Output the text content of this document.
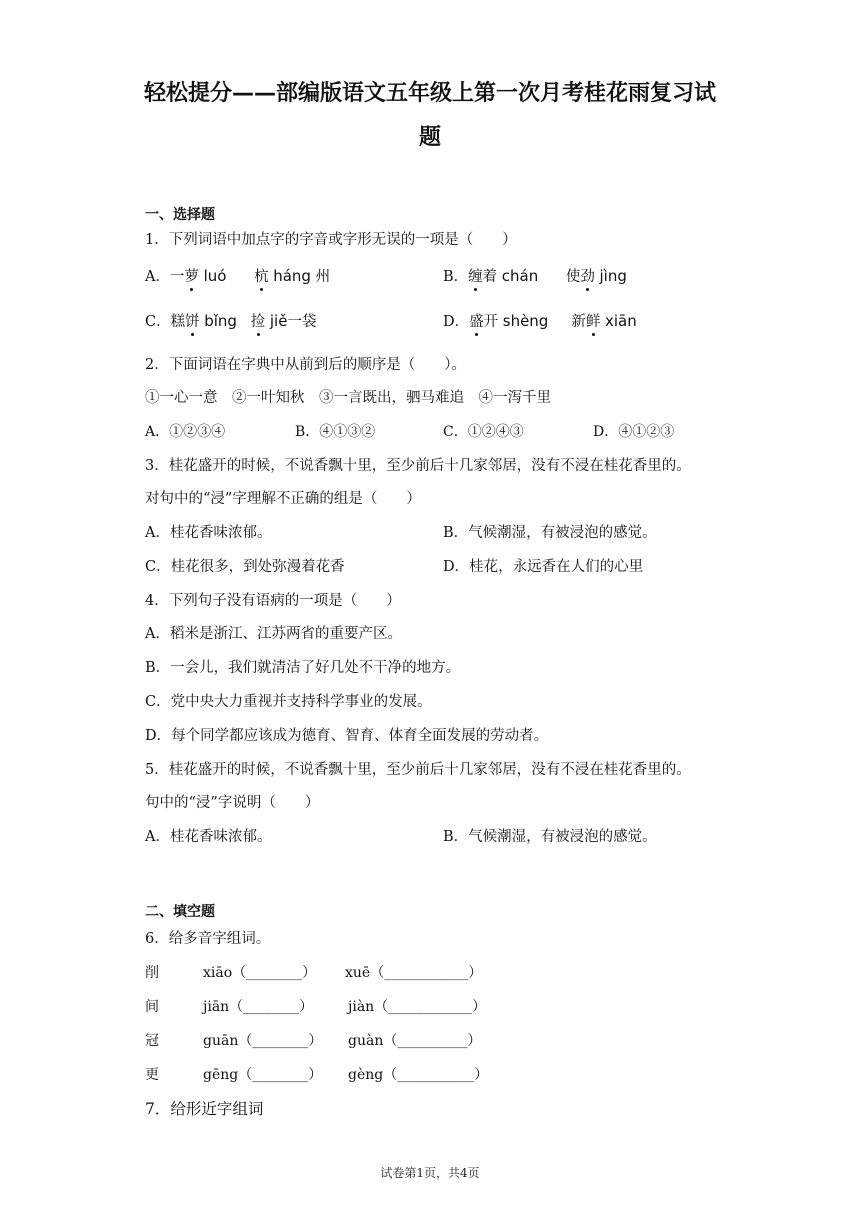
轻松提分——部编版语文五年级上第一次月考桂花雨复习试
题
一、选择题
1．下列词语中加点字的字音或字形无误的一项是（　　）
A．一萝 luó 杭 háng 州	B．缠着 chán 使劲 jìng
C．糕饼 bǐng 捡 jiě一袋	D．盛开 shèng 新鲜 xiān
2．下面词语在字典中从前到后的顺序是（　　）。
①一心一意　②一叶知秋　③一言既出，驷马难追　④一泻千里
A．①②③④	B．④①③②	C．①②④③	D．④①②③
3．桂花盛开的时候，不说香飘十里，至少前后十几家邻居，没有不浸在桂花香里的。
对句中的“浸”字理解不正确的组是（　　）
A．桂花香味浓郁。	B．气候潮湿，有被浸泡的感觉。
C．桂花很多，到处弥漫着花香	D．桂花，永远香在人们的心里
4．下列句子没有语病的一项是（　　）
A．稻米是浙江、江苏两省的重要产区。
B．一会儿，我们就清洁了好几处不干净的地方。
C．党中央大力重视并支持科学事业的发展。
D．每个同学都应该成为德育、智育、体育全面发展的劳动者。
5．桂花盛开的时候，不说香飘十里，至少前后十几家邻居，没有不浸在桂花香里的。
句中的“浸”字说明（　　）
A．桂花香味浓郁。	B．气候潮湿，有被浸泡的感觉。
二、填空题
6．给多音字组词。
削	xiāo（________） xuē（____________）
间	jiān（________） jiàn（____________）
冠	guān（________） guàn（__________）
更	gēng（________） gèng（___________）
7．给形近字组词
试卷第1页，共4页
